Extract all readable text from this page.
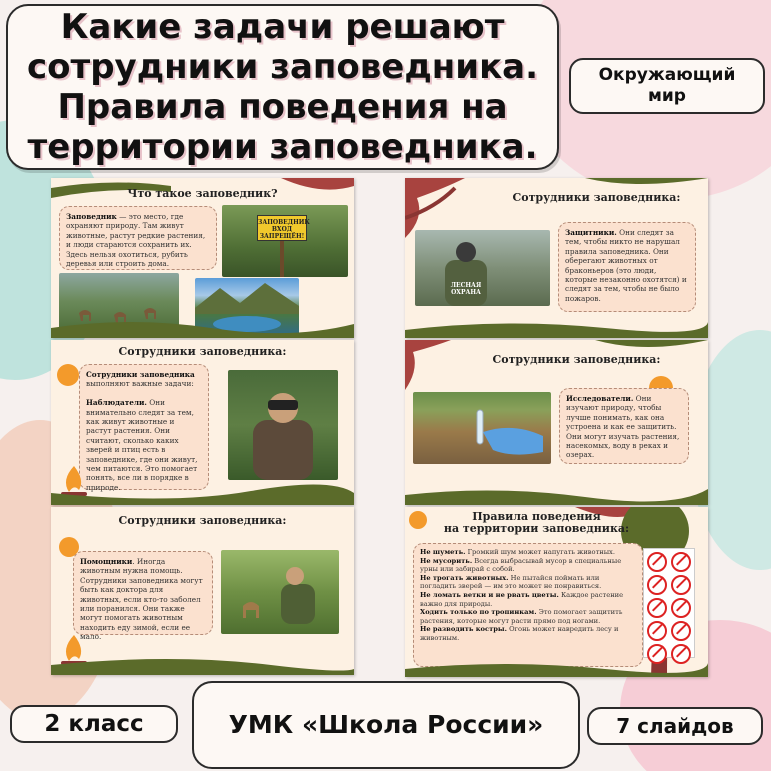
Какие задачи решают сотрудники заповедника. Правила поведения на территории заповедника.
Окружающий мир
Что такое заповедник?
Заповедник — это место, где охраняют природу. Там живут животные, растут редкие растения, и люди стараются сохранить их. Здесь нельзя охотиться, рубить деревья или строить дома.
ЗАПОВЕДНИК ВХОД ЗАПРЕЩЁН!
Сотрудники заповедника:
ЛЕСНАЯ ОХРАНА
Защитники. Они следят за тем, чтобы никто не нарушал правила заповедника. Они оберегают животных от браконьеров (это люди, которые незаконно охотятся) и следят за тем, чтобы не было пожаров.
Сотрудники заповедника:
Сотрудники заповедника выполняют важные задачи:

Наблюдатели. Они внимательно следят за тем, как живут животные и растут растения. Они считают, сколько каких зверей и птиц есть в заповеднике, где они живут, чем питаются. Это помогает понять, все ли в порядке в природе.
Сотрудники заповедника:
Исследователи. Они изучают природу, чтобы лучше понимать, как она устроена и как ее защитить. Они могут изучать растения, насекомых, воду в реках и озерах.
Сотрудники заповедника:
Помощники. Иногда животным нужна помощь. Сотрудники заповедника могут быть как доктора для животных, если кто-то заболел или поранился. Они также могут помогать животным находить еду зимой, если ее мало.
Правила поведения
на территории заповедника:
Не шуметь. Громкий шум может напугать животных.
Не мусорить. Всегда выбрасывай мусор в специальные урны или забирай с собой.
Не трогать животных. Не пытайся поймать или погладить зверей — им это может не понравиться.
Не ломать ветки и не рвать цветы. Каждое растение важно для природы.
Ходить только по тропинкам. Это помогает защитить растения, которые могут расти прямо под ногами.
Не разводить костры. Огонь может навредить лесу и животным.
2 класс	УМК «Школа России»	7 слайдов
